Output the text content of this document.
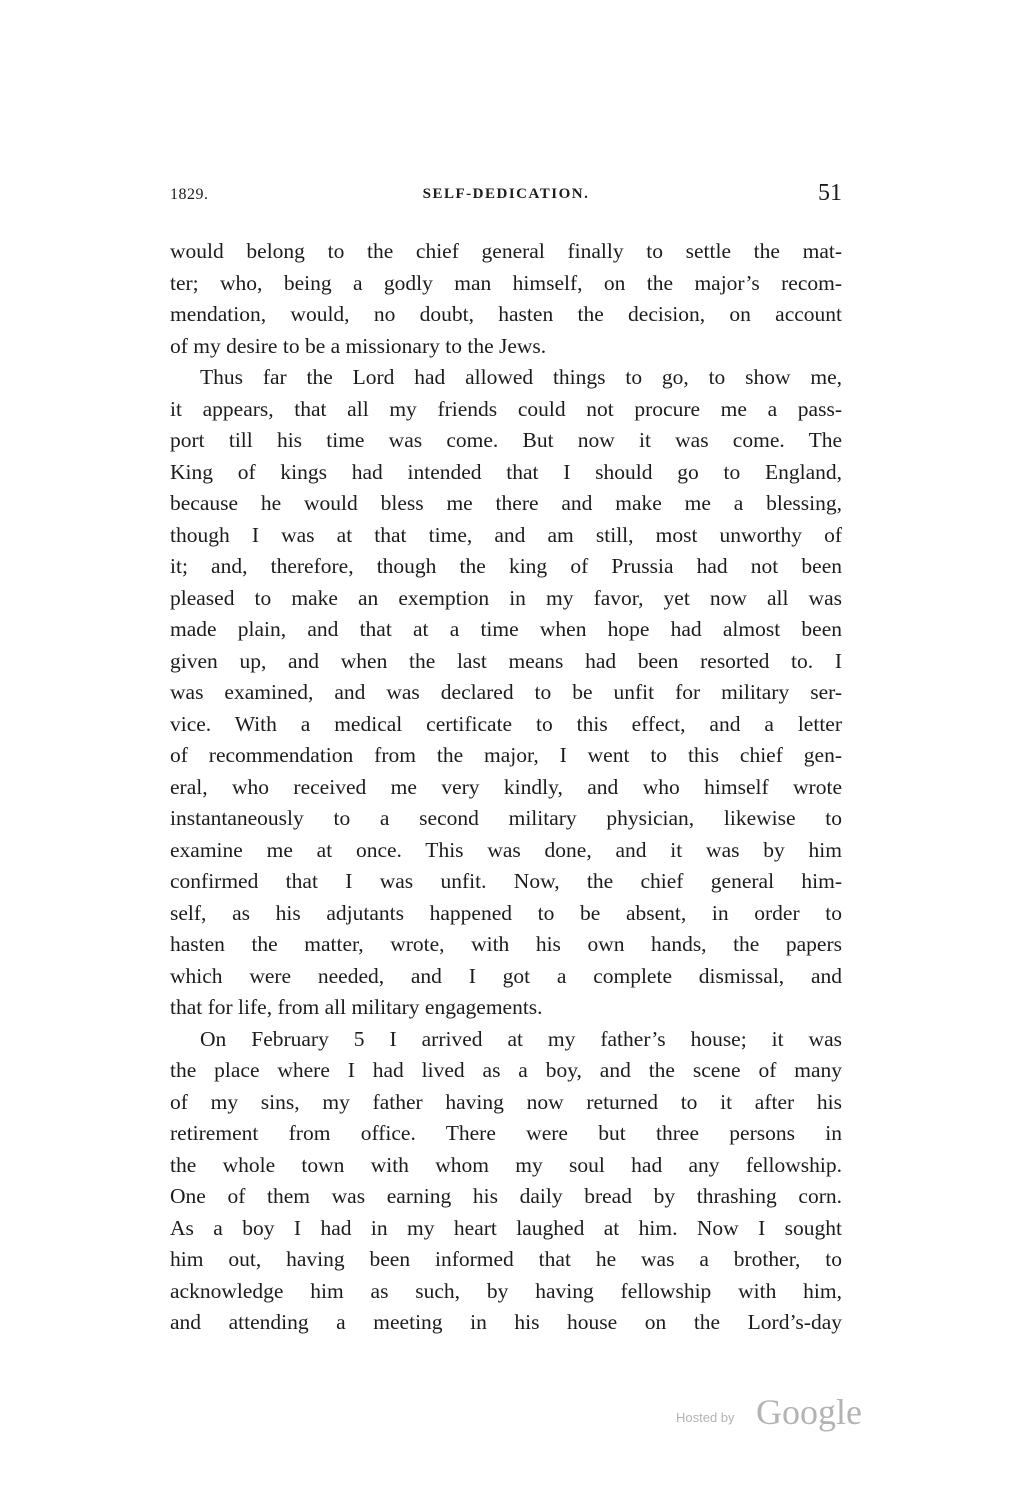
1829.	SELF-DEDICATION.	51
would belong to the chief general finally to settle the mat-
ter; who, being a godly man himself, on the major’s recom-
mendation, would, no doubt, hasten the decision, on account
of my desire to be a missionary to the Jews.
Thus far the Lord had allowed things to go, to show me,
it appears, that all my friends could not procure me a pass-
port till his time was come. But now it was come. The
King of kings had intended that I should go to England,
because he would bless me there and make me a blessing,
though I was at that time, and am still, most unworthy of
it; and, therefore, though the king of Prussia had not been
pleased to make an exemption in my favor, yet now all was
made plain, and that at a time when hope had almost been
given up, and when the last means had been resorted to. I
was examined, and was declared to be unfit for military ser-
vice. With a medical certificate to this effect, and a letter
of recommendation from the major, I went to this chief gen-
eral, who received me very kindly, and who himself wrote
instantaneously to a second military physician, likewise to
examine me at once. This was done, and it was by him
confirmed that I was unfit. Now, the chief general him-
self, as his adjutants happened to be absent, in order to
hasten the matter, wrote, with his own hands, the papers
which were needed, and I got a complete dismissal, and
that for life, from all military engagements.
On February 5 I arrived at my father’s house; it was
the place where I had lived as a boy, and the scene of many
of my sins, my father having now returned to it after his
retirement from office. There were but three persons in
the whole town with whom my soul had any fellowship.
One of them was earning his daily bread by thrashing corn.
As a boy I had in my heart laughed at him. Now I sought
him out, having been informed that he was a brother, to
acknowledge him as such, by having fellowship with him,
and attending a meeting in his house on the Lord’s-day
Hosted by Google
